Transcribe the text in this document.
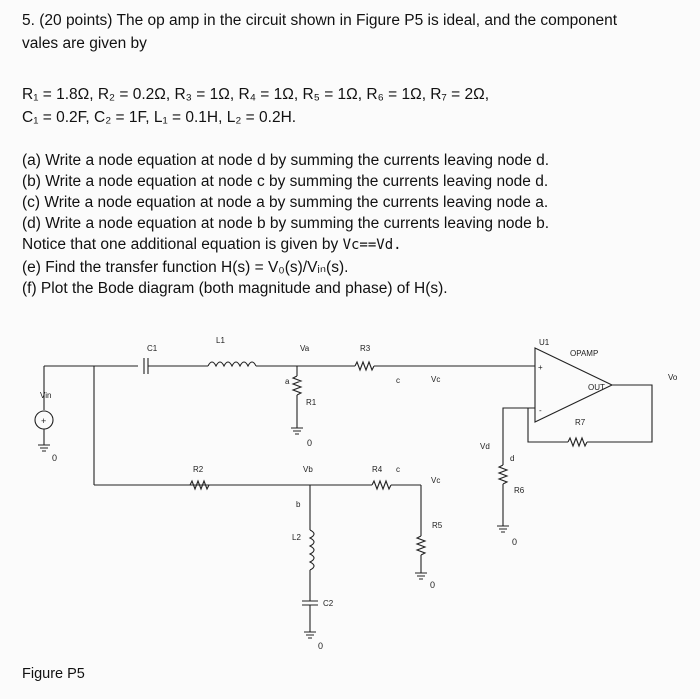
5. (20 points) The op amp in the circuit shown in Figure P5 is ideal, and the component
vales are given by
R₁ = 1.8Ω, R₂ = 0.2Ω, R₃ = 1Ω, R₄ = 1Ω, R₅ = 1Ω, R₆ = 1Ω, R₇ = 2Ω,
C₁ = 0.2F, C₂ = 1F, L₁ = 0.1H, L₂ = 0.2H.
(a) Write a node equation at node d by summing the currents leaving node d.
(b) Write a node equation at node c by summing the currents leaving node d.
(c) Write a node equation at node a by summing the currents leaving node a.
(d) Write a node equation at node b by summing the currents leaving node b.
Notice that one additional equation is given by Vc==Vd.
(e) Find the transfer function H(s) = V₀(s)/Vᵢₙ(s).
(f) Plot the Bode diagram (both magnitude and phase) of H(s).
C1
L1
Va	R3
U1
OPAMP
OUT
Vo
+
-
Vin
a
R1
c	Vc
R7
Vd
d
R2	Vb	R4 c
Vc
R6
b
L2
R5
C2
0
0
0
0
0
+
Figure P5
